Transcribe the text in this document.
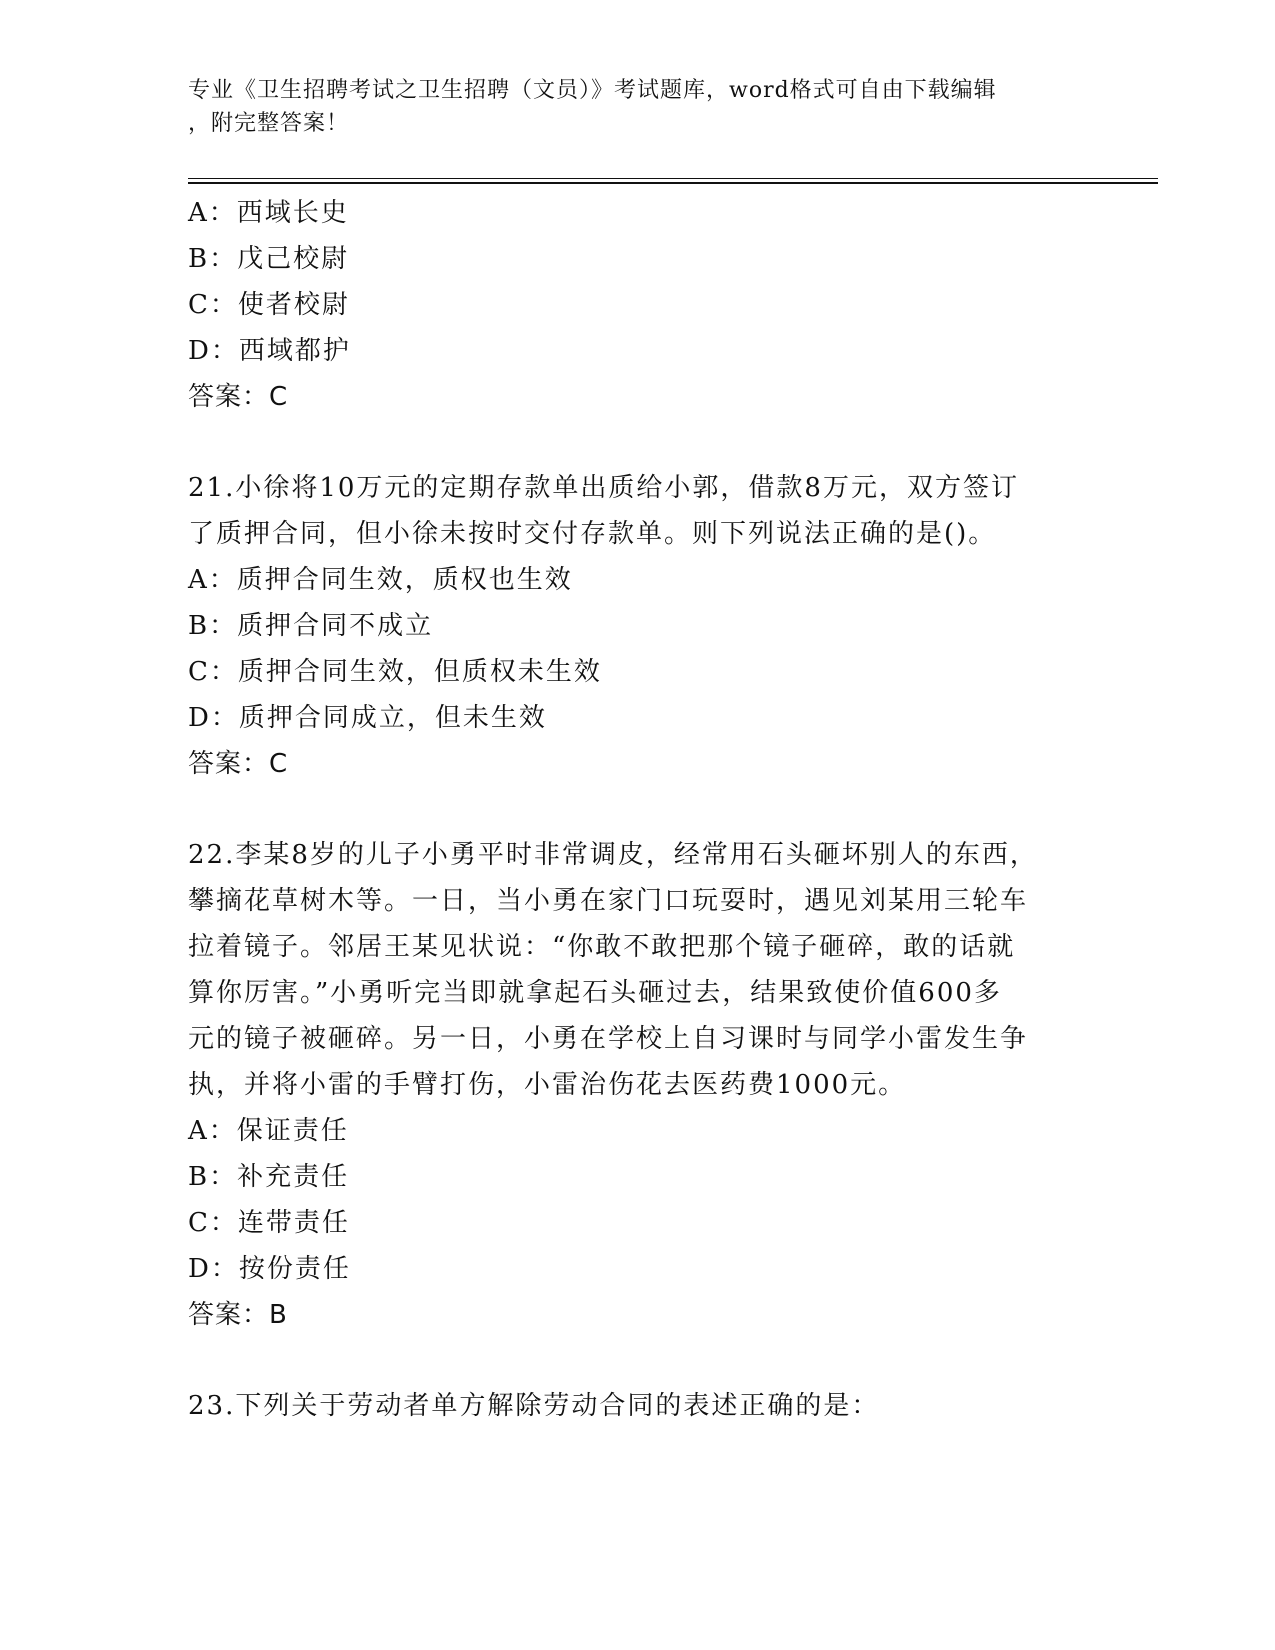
专业《卫生招聘考试之卫生招聘（文员）》考试题库，word格式可自由下载编辑
，附完整答案！
A：西域长史
B：戊己校尉
C：使者校尉
D：西域都护
答案：C
21.小徐将10万元的定期存款单出质给小郭，借款8万元，双方签订
了质押合同，但小徐未按时交付存款单。则下列说法正确的是()。
A：质押合同生效，质权也生效
B：质押合同不成立
C：质押合同生效，但质权未生效
D：质押合同成立，但未生效
答案：C
22.李某8岁的儿子小勇平时非常调皮，经常用石头砸坏别人的东西，
攀摘花草树木等。一日，当小勇在家门口玩耍时，遇见刘某用三轮车
拉着镜子。邻居王某见状说：“你敢不敢把那个镜子砸碎，敢的话就
算你厉害。”小勇听完当即就拿起石头砸过去，结果致使价值600多
元的镜子被砸碎。另一日，小勇在学校上自习课时与同学小雷发生争
执，并将小雷的手臂打伤，小雷治伤花去医药费1000元。
A：保证责任
B：补充责任
C：连带责任
D：按份责任
答案：B
23.下列关于劳动者单方解除劳动合同的表述正确的是：
